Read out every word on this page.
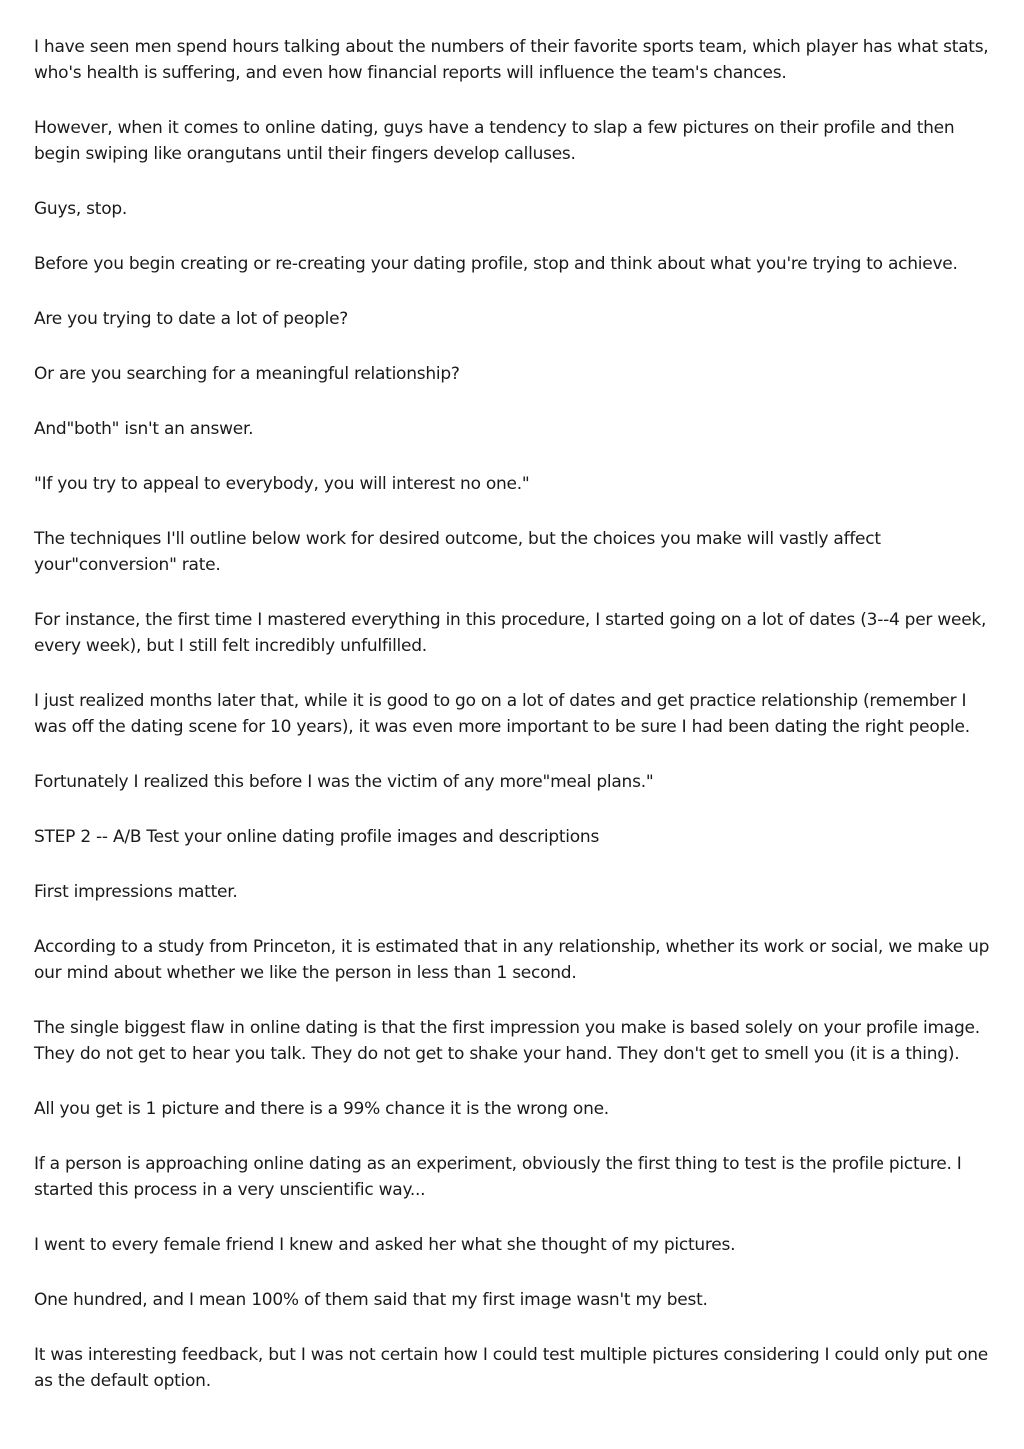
I have seen men spend hours talking about the numbers of their favorite sports team, which player has what stats, who's health is suffering, and even how financial reports will influence the team's chances.

However, when it comes to online dating, guys have a tendency to slap a few pictures on their profile and then begin swiping like orangutans until their fingers develop calluses.

Guys, stop.

Before you begin creating or re-creating your dating profile, stop and think about what you're trying to achieve.

Are you trying to date a lot of people?

Or are you searching for a meaningful relationship?

And"both" isn't an answer.

"If you try to appeal to everybody, you will interest no one."

The techniques I'll outline below work for desired outcome, but the choices you make will vastly affect your"conversion" rate.

For instance, the first time I mastered everything in this procedure, I started going on a lot of dates (3--4 per week, every week), but I still felt incredibly unfulfilled.

I just realized months later that, while it is good to go on a lot of dates and get practice relationship (remember I was off the dating scene for 10 years), it was even more important to be sure I had been dating the right people.

Fortunately I realized this before I was the victim of any more"meal plans."

STEP 2 -- A/B Test your online dating profile images and descriptions

First impressions matter.

According to a study from Princeton, it is estimated that in any relationship, whether its work or social, we make up our mind about whether we like the person in less than 1 second.

The single biggest flaw in online dating is that the first impression you make is based solely on your profile image. They do not get to hear you talk. They do not get to shake your hand. They don't get to smell you (it is a thing).

All you get is 1 picture and there is a 99% chance it is the wrong one.

If a person is approaching online dating as an experiment, obviously the first thing to test is the profile picture. I started this process in a very unscientific way...

I went to every female friend I knew and asked her what she thought of my pictures.

One hundred, and I mean 100% of them said that my first image wasn't my best.

It was interesting feedback, but I was not certain how I could test multiple pictures considering I could only put one as the default option.
